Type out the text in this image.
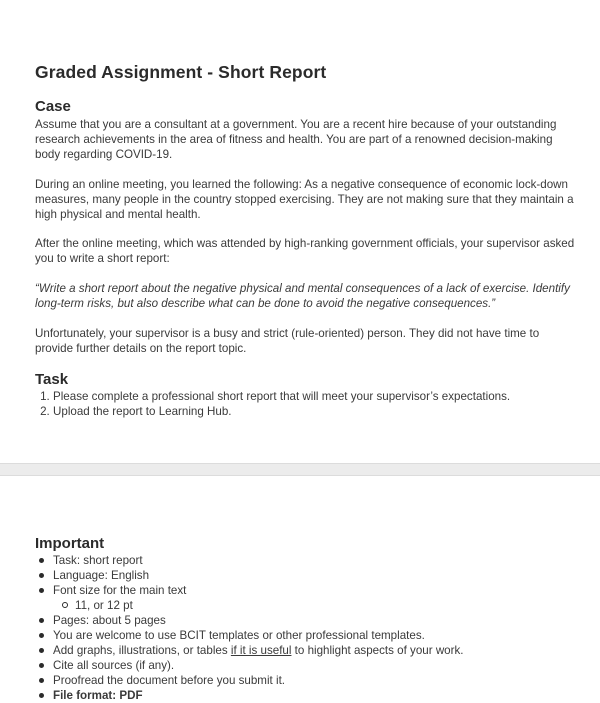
Graded Assignment - Short Report
Case
Assume that you are a consultant at a government. You are a recent hire because of your outstanding research achievements in the area of fitness and health. You are part of a renowned decision-making body regarding COVID-19.
During an online meeting, you learned the following: As a negative consequence of economic lock-down measures, many people in the country stopped exercising. They are not making sure that they maintain a high physical and mental health.
After the online meeting, which was attended by high-ranking government officials, your supervisor asked you to write a short report:
“Write a short report about the negative physical and mental consequences of a lack of exercise. Identify long-term risks, but also describe what can be done to avoid the negative consequences.”
Unfortunately, your supervisor is a busy and strict (rule-oriented) person. They did not have time to provide further details on the report topic.
Task
1. Please complete a professional short report that will meet your supervisor’s expectations.
2. Upload the report to Learning Hub.
Important
Task: short report
Language: English
Font size for the main text
11, or 12 pt
Pages: about 5 pages
You are welcome to use BCIT templates or other professional templates.
Add graphs, illustrations, or tables if it is useful to highlight aspects of your work.
Cite all sources (if any).
Proofread the document before you submit it.
File format: PDF
